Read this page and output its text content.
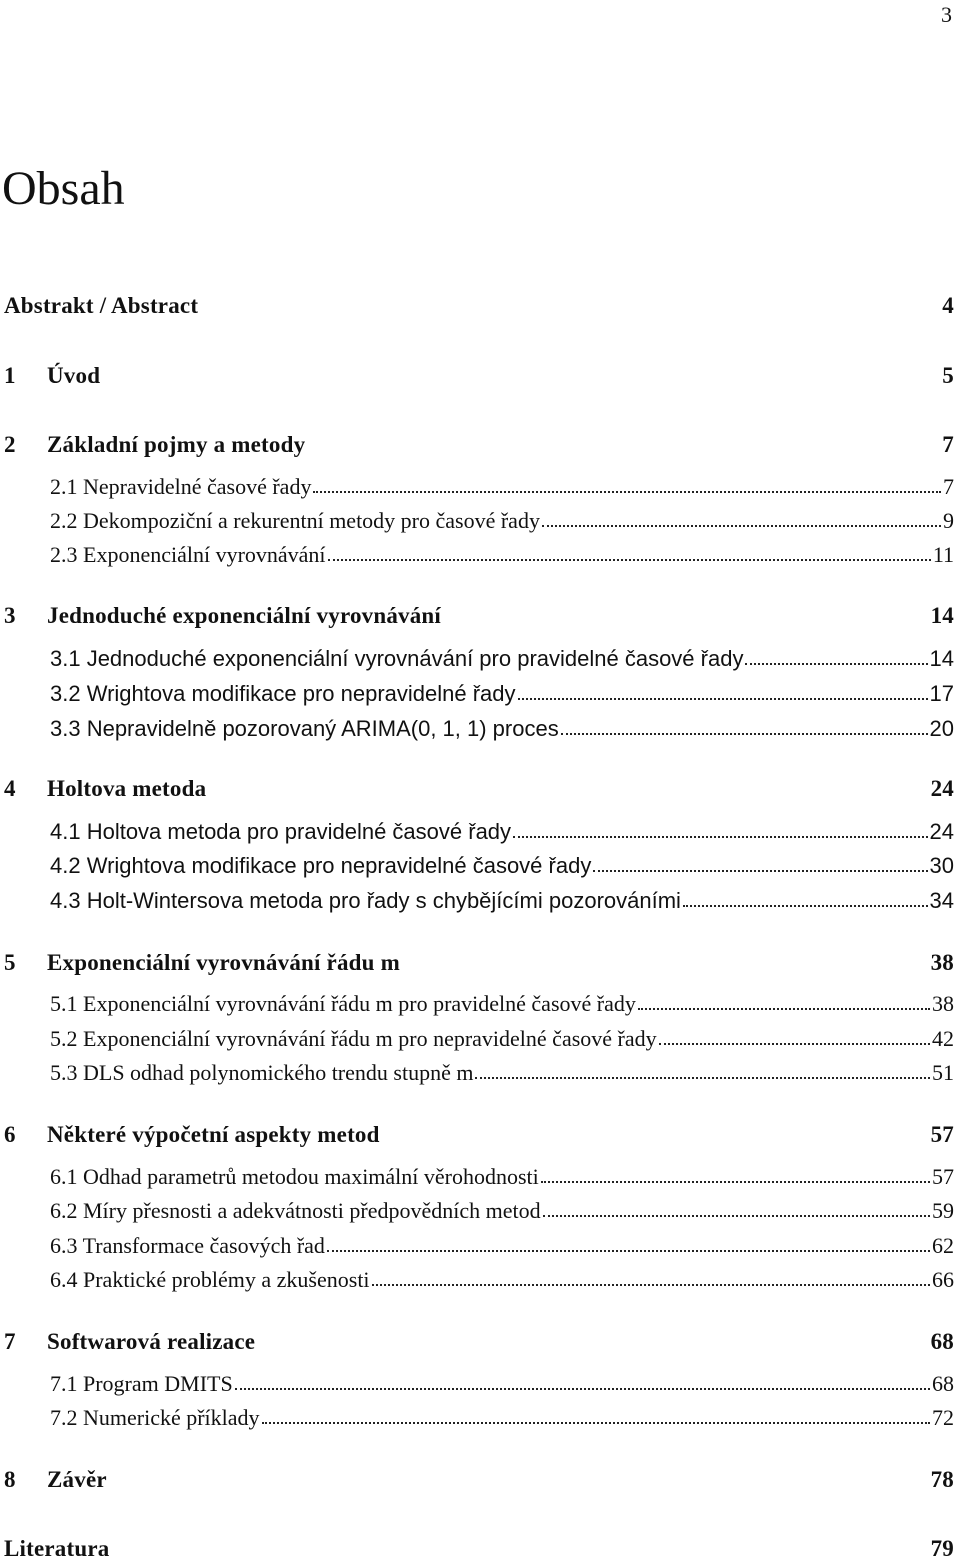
3
Obsah
Abstrakt / Abstract	4
1	Úvod	5
2	Základní pojmy a metody	7
2.1 Nepravidelné časové řady	7
2.2 Dekompoziční a rekurentní metody pro časové řady	9
2.3 Exponenciální vyrovnávání	11
3	Jednoduché exponenciální vyrovnávání	14
3.1 Jednoduché exponenciální vyrovnávání pro pravidelné časové řady	14
3.2 Wrightova modifikace pro nepravidelné řady	17
3.3 Nepravidelně pozorovaný ARIMA(0, 1, 1) proces	20
4	Holtova metoda	24
4.1 Holtova metoda pro pravidelné časové řady	24
4.2 Wrightova modifikace pro nepravidelné časové řady	30
4.3 Holt-Wintersova metoda pro řady s chybějícími pozorováními	34
5	Exponenciální vyrovnávání řádu m	38
5.1 Exponenciální vyrovnávání řádu m pro pravidelné časové řady	38
5.2 Exponenciální vyrovnávání řádu m pro nepravidelné časové řady	42
5.3 DLS odhad polynomického trendu stupně m	51
6	Některé výpočetní aspekty metod	57
6.1 Odhad parametrů metodou maximální věrohodnosti	57
6.2 Míry přesnosti a adekvátnosti předpovědních metod	59
6.3 Transformace časových řad	62
6.4 Praktické problémy a zkušenosti	66
7	Softwarová realizace	68
7.1 Program DMITS	68
7.2 Numerické příklady	72
8	Závěr	78
Literatura	79
